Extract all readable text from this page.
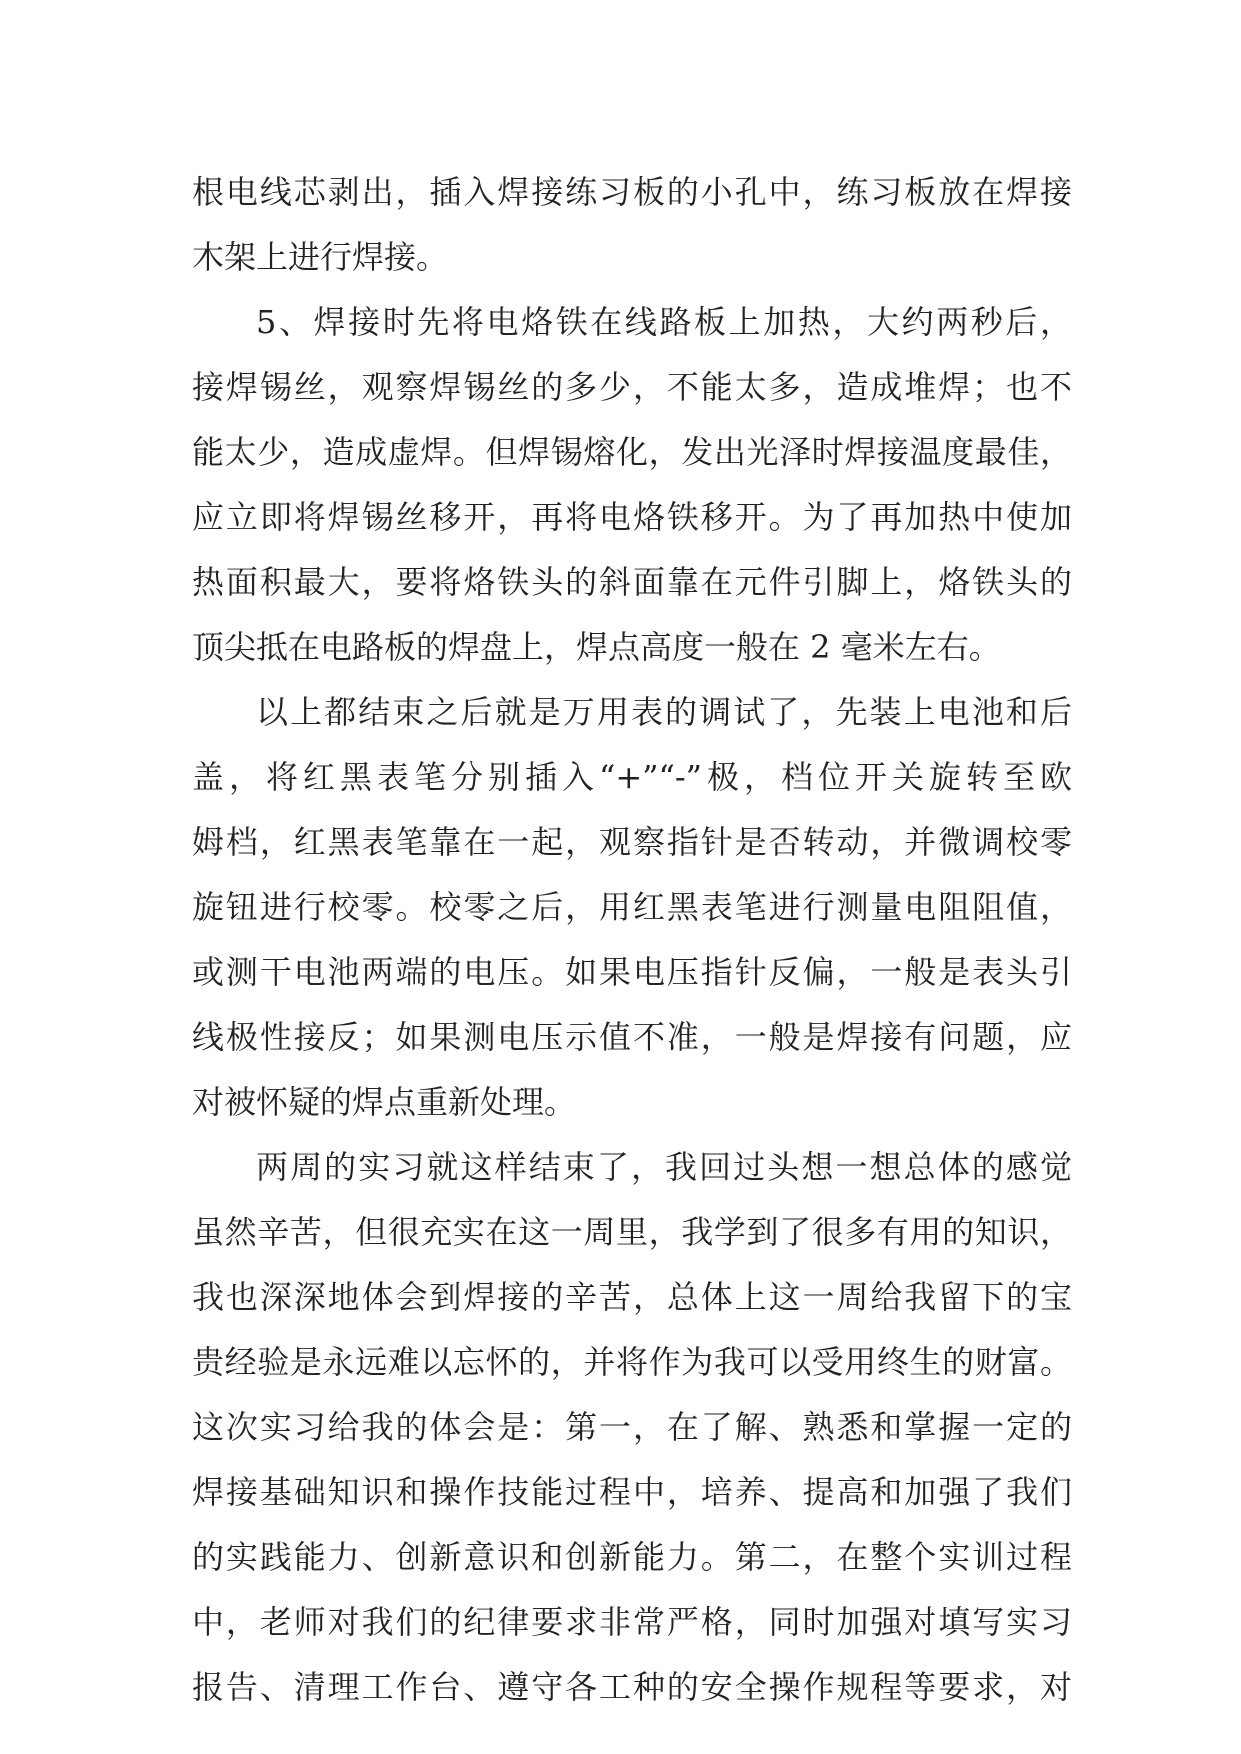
根电线芯剥出，插入焊接练习板的小孔中，练习板放在焊接
木架上进行焊接。
5、焊接时先将电烙铁在线路板上加热，大约两秒后，
接焊锡丝，观察焊锡丝的多少，不能太多，造成堆焊；也不
能太少，造成虚焊。但焊锡熔化，发出光泽时焊接温度最佳，
应立即将焊锡丝移开，再将电烙铁移开。为了再加热中使加
热面积最大，要将烙铁头的斜面靠在元件引脚上，烙铁头的
顶尖抵在电路板的焊盘上，焊点高度一般在 2 毫米左右。
以上都结束之后就是万用表的调试了，先装上电池和后
盖，将红黑表笔分别插入“+”“-”极，档位开关旋转至欧
姆档，红黑表笔靠在一起，观察指针是否转动，并微调校零
旋钮进行校零。校零之后，用红黑表笔进行测量电阻阻值，
或测干电池两端的电压。如果电压指针反偏，一般是表头引
线极性接反；如果测电压示值不准，一般是焊接有问题，应
对被怀疑的焊点重新处理。
两周的实习就这样结束了，我回过头想一想总体的感觉
虽然辛苦，但很充实在这一周里，我学到了很多有用的知识，
我也深深地体会到焊接的辛苦，总体上这一周给我留下的宝
贵经验是永远难以忘怀的，并将作为我可以受用终生的财富。
这次实习给我的体会是：第一，在了解、熟悉和掌握一定的
焊接基础知识和操作技能过程中，培养、提高和加强了我们
的实践能力、创新意识和创新能力。第二，在整个实训过程
中，老师对我们的纪律要求非常严格，同时加强对填写实习
报告、清理工作台、遵守各工种的安全操作规程等要求，对
